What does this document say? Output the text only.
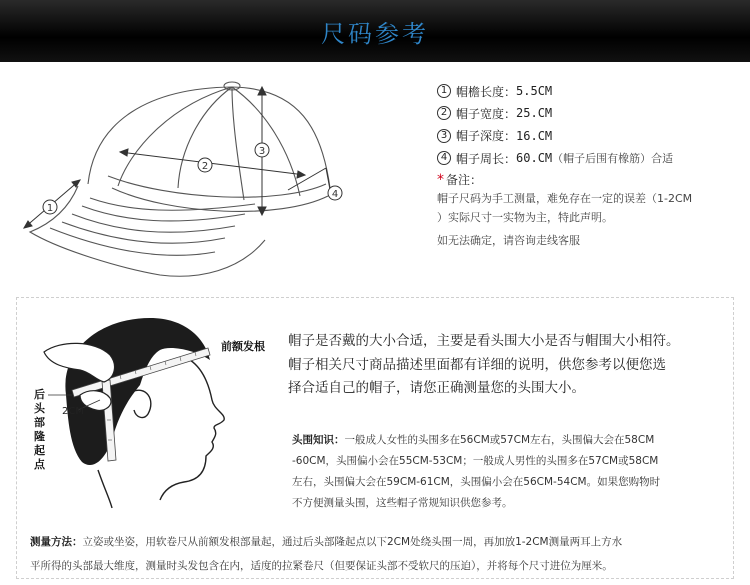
尺码参考
1
2
3
4
1 帽檐长度： 5.5CM
2 帽子宽度： 25.CM
3 帽子深度： 16.CM
4 帽子周长： 60.CM （帽子后围有橡筋）合适
* 备注：
帽子尺码为手工测量，难免存在一定的误差（1-2CM
）实际尺寸一实物为主，特此声明。
如无法确定，请咨询走线客服
前额发根
后头部隆起点
2CM
帽子是否戴的大小合适，主要是看头围大小是否与帽围大小相符。
帽子相关尺寸商品描述里面都有详细的说明，供您参考以便您选
择合适自己的帽子，请您正确测量您的头围大小。
头围知识：一般成人女性的头围多在56CM或57CM左右，头围偏大会在58CM
-60CM，头围偏小会在55CM-53CM；一般成人男性的头围多在57CM或58CM
左右，头围偏大会在59CM-61CM，头围偏小会在56CM-54CM。如果您购物时
不方便测量头围，这些帽子常规知识供您参考。
测量方法：立姿或坐姿，用软卷尺从前额发根部量起，通过后头部隆起点以下2CM处绕头围一周，再加放1-2CM测量两耳上方水
平所得的头部最大维度，测量时头发包含在内，适度的拉紧卷尺（但要保证头部不受软尺的压迫），并将每个尺寸进位为厘米。
